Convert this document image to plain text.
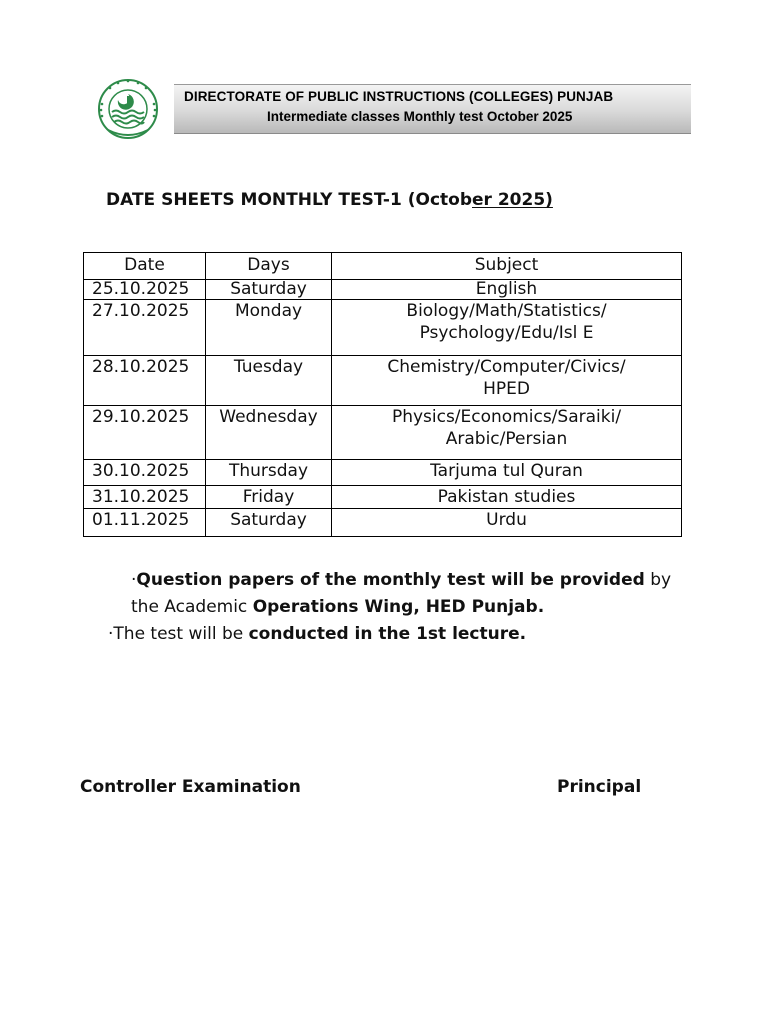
DIRECTORATE OF PUBLIC INSTRUCTIONS (COLLEGES) PUNJAB
Intermediate classes Monthly test October 2025
DATE SHEETS MONTHLY TEST-1 (October 2025)
Date	Days	Subject
25.10.2025	Saturday	English

27.10.2025	Monday	Biology/Math/Statistics/
Psychology/Edu/Isl E

28.10.2025	Tuesday	Chemistry/Computer/Civics/
HPED

29.10.2025	Wednesday	Physics/Economics/Saraiki/
Arabic/Persian

30.10.2025	Thursday	Tarjuma tul Quran

31.10.2025	Friday	Pakistan studies

01.11.2025	Saturday	Urdu
·Question papers of the monthly test will be provided by
the Academic Operations Wing, HED Punjab.
·The test will be conducted in the 1st lecture.
Controller Examination	Principal
